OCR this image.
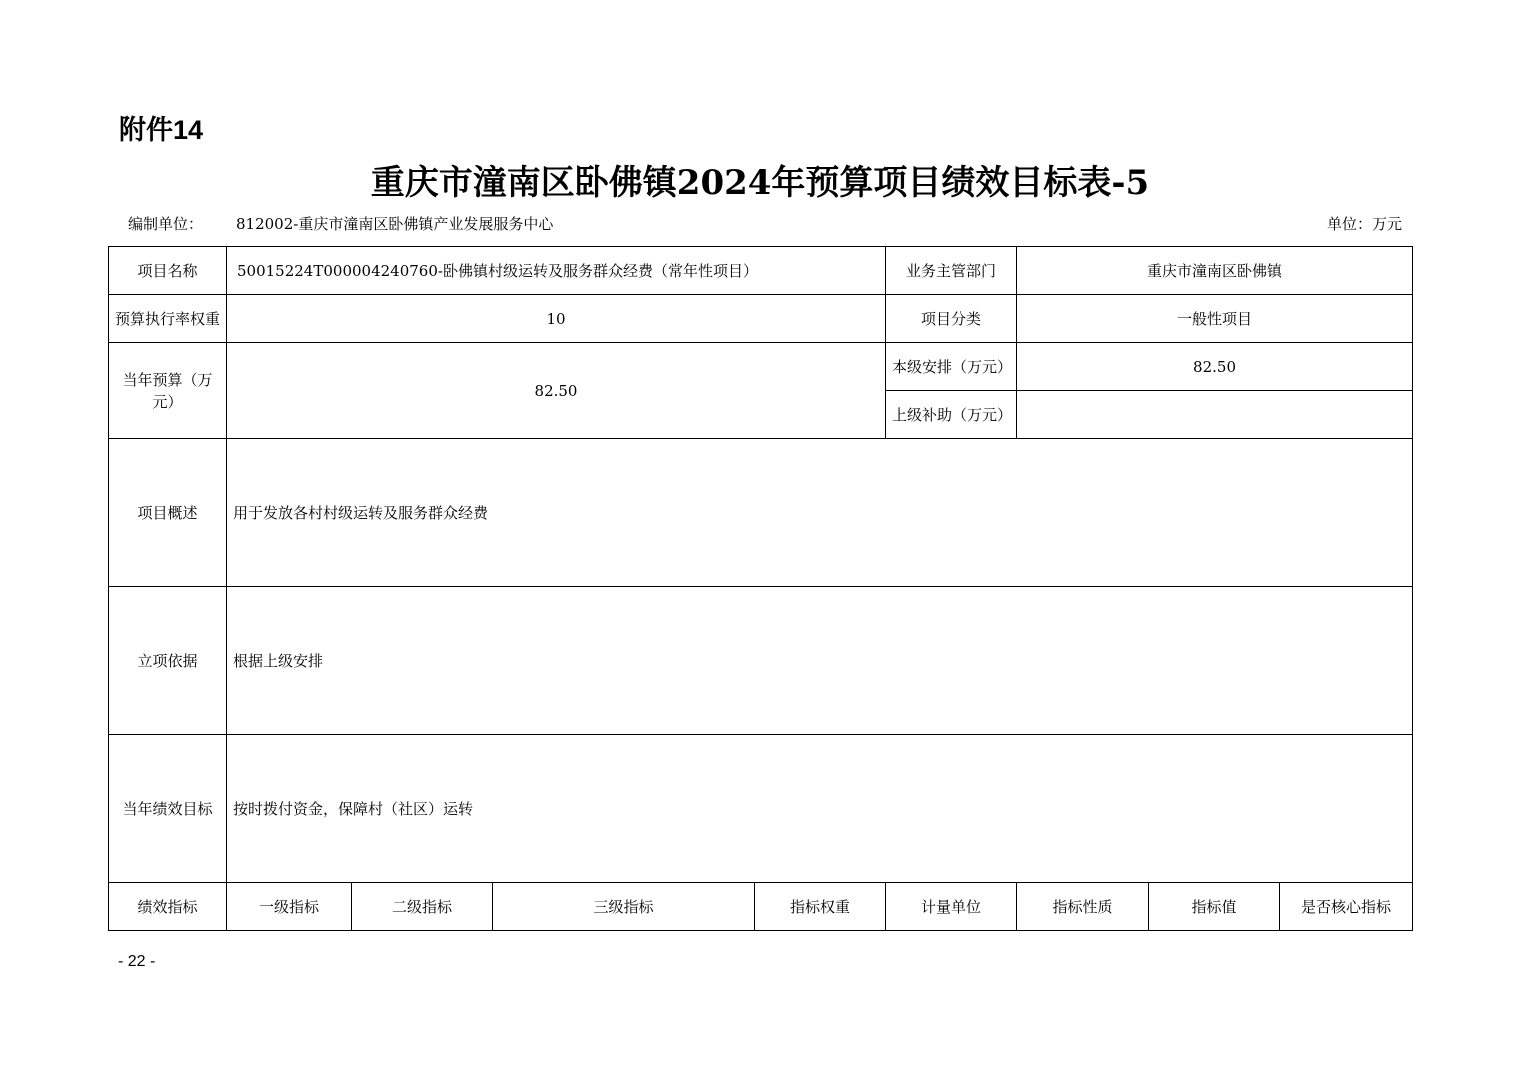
附件14
重庆市潼南区卧佛镇2024年预算项目绩效目标表-5
编制单位： 812002-重庆市潼南区卧佛镇产业发展服务中心	单位：万元
项目名称	50015224T000004240760-卧佛镇村级运转及服务群众经费（常年性项目）				业务主管部门	重庆市潼南区卧佛镇		
预算执行率权重	10				项目分类	一般性项目		
当年预算（万元）	82.50				本级安排（万元）	82.50		
					上级补助（万元）			
项目概述	用于发放各村村级运转及服务群众经费							
立项依据	根据上级安排							
当年绩效目标	按时拨付资金，保障村（社区）运转							
绩效指标	一级指标	二级指标	三级指标	指标权重	计量单位	指标性质	指标值	是否核心指标
- 22 -
